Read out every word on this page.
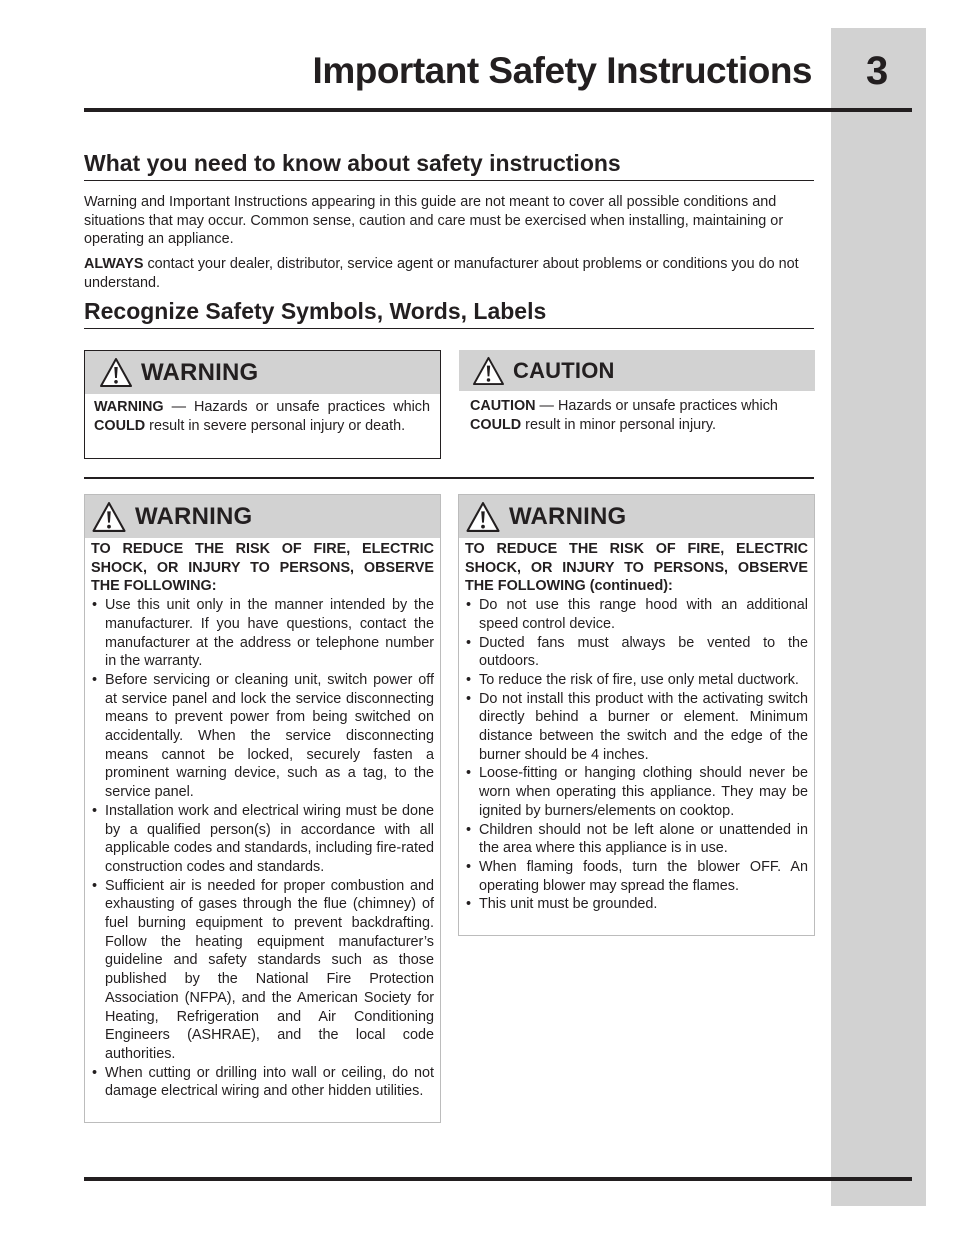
Important Safety Instructions 3
What you need to know about safety instructions

Warning and Important Instructions appearing in this guide are not meant to cover all possible conditions and situations that may occur. Common sense, caution and care must be exercised when installing, maintaining or operating an appliance.

ALWAYS contact your dealer, distributor, service agent or manufacturer about problems or conditions you do not understand.

Recognize Safety Symbols, Words, Labels
WARNING
WARNING — Hazards or unsafe practices which COULD result in severe personal injury or death.
CAUTION
CAUTION — Hazards or unsafe practices which COULD result in minor personal injury.
WARNING
TO REDUCE THE RISK OF FIRE, ELECTRIC SHOCK, OR INJURY TO PERSONS, OBSERVE THE FOLLOWING:
• Use this unit only in the manner intended by the manufacturer. If you have questions, contact the manufacturer at the address or telephone number in the warranty.
• Before servicing or cleaning unit, switch power off at service panel and lock the service disconnecting means to prevent power from being switched on accidentally. When the service disconnecting means cannot be locked, securely fasten a prominent warning device, such as a tag, to the service panel.
• Installation work and electrical wiring must be done by a qualified person(s) in accordance with all applicable codes and standards, including fire-rated construction codes and standards.
• Sufficient air is needed for proper combustion and exhausting of gases through the flue (chimney) of fuel burning equipment to prevent backdrafting. Follow the heating equipment manufacturer’s guideline and safety standards such as those published by the National Fire Protection Association (NFPA), and the American Society for Heating, Refrigeration and Air Conditioning Engineers (ASHRAE), and the local code authorities.
• When cutting or drilling into wall or ceiling, do not damage electrical wiring and other hidden utilities.
WARNING
TO REDUCE THE RISK OF FIRE, ELECTRIC SHOCK, OR INJURY TO PERSONS, OBSERVE THE FOLLOWING (continued):
• Do not use this range hood with an additional speed control device.
• Ducted fans must always be vented to the outdoors.
• To reduce the risk of fire, use only metal ductwork.
• Do not install this product with the activating switch directly behind a burner or element. Minimum distance between the switch and the edge of the burner should be 4 inches.
• Loose-fitting or hanging clothing should never be worn when operating this appliance. They may be ignited by burners/elements on cooktop.
• Children should not be left alone or unattended in the area where this appliance is in use.
• When flaming foods, turn the blower OFF. An operating blower may spread the flames.
• This unit must be grounded.
